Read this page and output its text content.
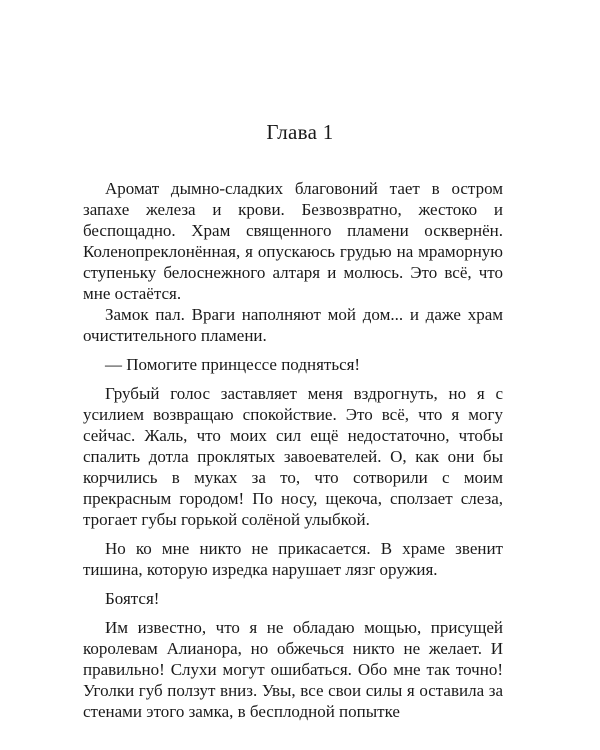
Глава 1

Аромат дымно-сладких благовоний тает в остром запахе железа и крови. Безвозвратно, жестоко и беспощадно. Храм священного пламени осквернён. Коленопреклонённая, я опускаюсь грудью на мраморную ступеньку белоснежного алтаря и молюсь. Это всё, что мне остаётся.

Замок пал. Враги наполняют мой дом... и даже храм очистительного пламени.

— Помогите принцессе подняться!

Грубый голос заставляет меня вздрогнуть, но я с усилием возвращаю спокойствие. Это всё, что я могу сейчас. Жаль, что моих сил ещё недостаточно, чтобы спалить дотла проклятых завоевателей. О, как они бы корчились в муках за то, что сотворили с моим прекрасным городом! По носу, щекоча, сползает слеза, трогает губы горькой солёной улыбкой.

Но ко мне никто не прикасается. В храме звенит тишина, которую изредка нарушает лязг оружия.

Боятся!

Им известно, что я не обладаю мощью, присущей королевам Алианора, но обжечься никто не желает. И правильно! Слухи могут ошибаться. Обо мне так точно! Уголки губ ползут вниз. Увы, все свои силы я оставила за стенами этого замка, в бесплодной попытке
